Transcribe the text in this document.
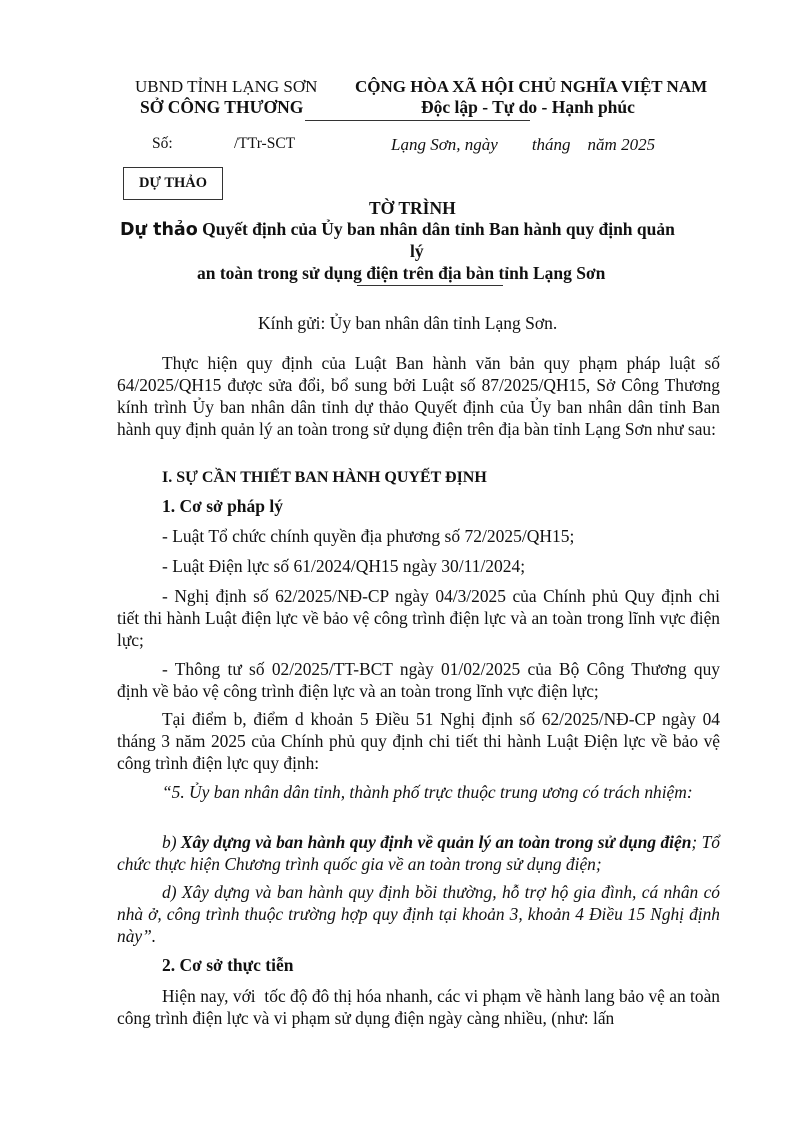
UBND TỈNH LẠNG SƠN
SỞ CÔNG THƯƠNG
CỘNG HÒA XÃ HỘI CHỦ NGHĨA VIỆT NAM
Độc lập - Tự do - Hạnh phúc
Số:	/TTr-SCT	Lạng Sơn, ngày        tháng    năm 2025
DỰ THẢO
TỜ TRÌNH
Dự thảo Quyết định của Ủy ban nhân dân tỉnh Ban hành quy định quản
lý
an toàn trong sử dụng điện trên địa bàn tỉnh Lạng Sơn
Kính gửi: Ủy ban nhân dân tỉnh Lạng Sơn.
Thực hiện quy định của Luật Ban hành văn bản quy phạm pháp luật số 64/2025/QH15 được sửa đổi, bổ sung bởi Luật số 87/2025/QH15, Sở Công Thương kính trình Ủy ban nhân dân tỉnh dự thảo Quyết định của Ủy ban nhân dân tỉnh Ban hành quy định quản lý an toàn trong sử dụng điện trên địa bàn tỉnh Lạng Sơn như sau:
I. SỰ CẦN THIẾT BAN HÀNH QUYẾT ĐỊNH
1. Cơ sở pháp lý
- Luật Tổ chức chính quyền địa phương số 72/2025/QH15;
- Luật Điện lực số 61/2024/QH15 ngày 30/11/2024;
- Nghị định số 62/2025/NĐ-CP ngày 04/3/2025 của Chính phủ Quy định chi tiết thi hành Luật điện lực về bảo vệ công trình điện lực và an toàn trong lĩnh vực điện lực;
- Thông tư số 02/2025/TT-BCT ngày 01/02/2025 của Bộ Công Thương quy định về bảo vệ công trình điện lực và an toàn trong lĩnh vực điện lực;
Tại điểm b, điểm d khoản 5 Điều 51 Nghị định số 62/2025/NĐ-CP ngày 04 tháng 3 năm 2025 của Chính phủ quy định chi tiết thi hành Luật Điện lực về bảo vệ công trình điện lực quy định:
“5. Ủy ban nhân dân tỉnh, thành phố trực thuộc trung ương có trách nhiệm:
b) Xây dựng và ban hành quy định về quản lý an toàn trong sử dụng điện; Tổ chức thực hiện Chương trình quốc gia về an toàn trong sử dụng điện;
d) Xây dựng và ban hành quy định bồi thường, hỗ trợ hộ gia đình, cá nhân có nhà ở, công trình thuộc trường hợp quy định tại khoản 3, khoản 4 Điều 15 Nghị định này”.
2. Cơ sở thực tiễn
Hiện nay, với  tốc độ đô thị hóa nhanh, các vi phạm về hành lang bảo vệ an toàn công trình điện lực và vi phạm sử dụng điện ngày càng nhiều, (như: lấn
